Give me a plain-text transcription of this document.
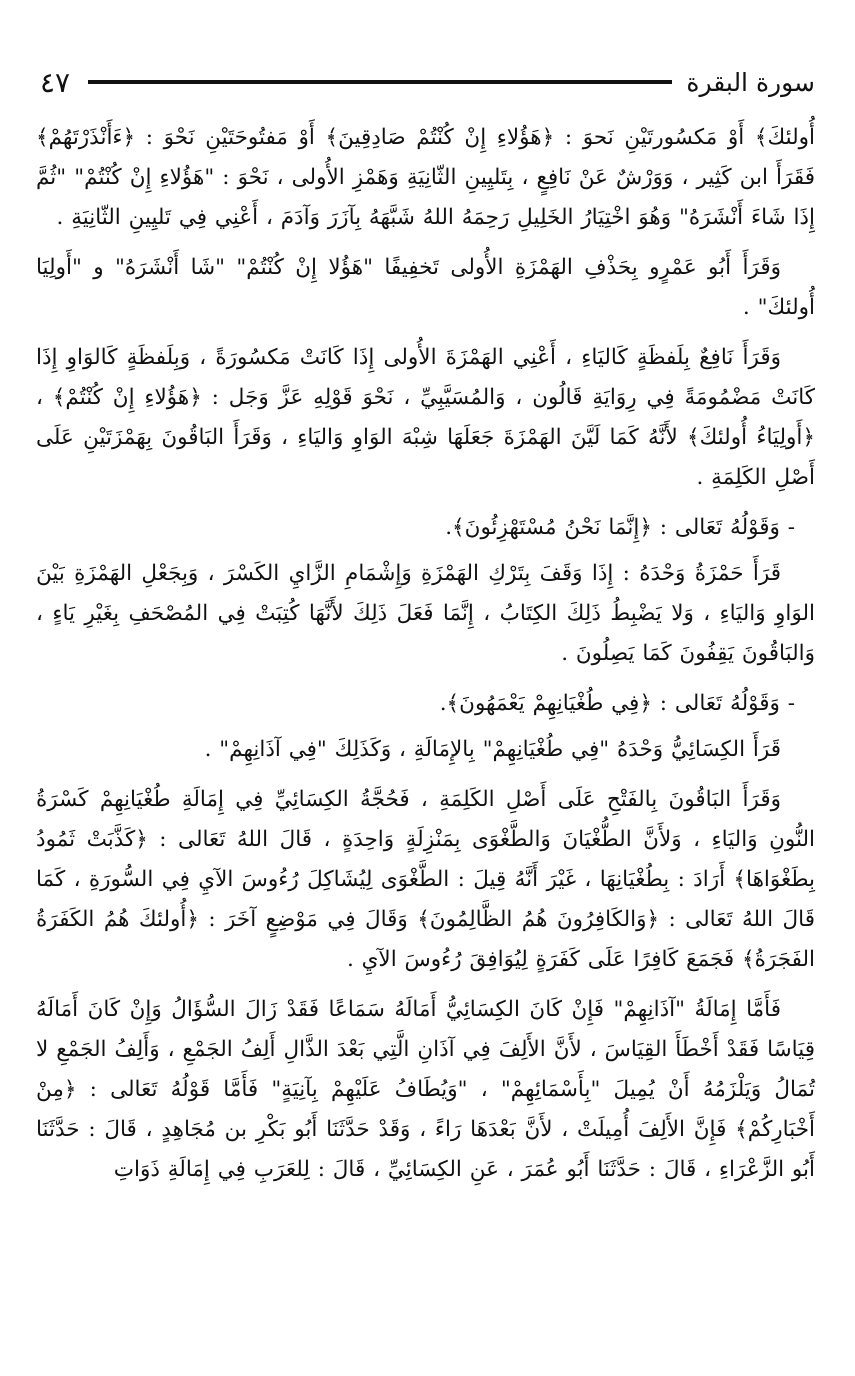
سورة البقرة
٤٧

أُولئكَ﴾ أَوْ مَكسُورتَيْنِ نَحوَ : ﴿هَؤُلاءِ إِنْ كُنْتُمْ صَادِقِينَ﴾ أَوْ مَفتُوحَتَيْنِ نَحْوَ : ﴿ءَأَنْذَرْتَهُمْ﴾ فَقَرَأَ ابن كَثِير ، وَوَرْشٌ عَنْ نَافِعٍ ، بِتَليِينِ الثّانِيَةِ وَهَمْزِ الأُولى ، نَحْوَ : "هَؤُلاءِ إِنْ كُنْتُمْ" "ثُمَّ إِذَا شَاءَ أَنْشَرَهُ" وَهُوَ اخْتِيَارُ الخَلِيلِ رَحِمَهُ اللهُ شَبَّهَهُ بِآزَرَ وَآدَمَ ، أَعْنِي فِي تَليِينِ الثّانِيَةِ .

وَقَرَأَ أَبُو عَمْرٍو بِحَذْفِ الهَمْزَةِ الأُولى تَخفِيفًا "هَؤُلا إِنْ كُنْتُمْ" "شَا أَنْشَرَهُ" و "أَولِيَا أُولئكَ" .

وَقَرَأَ نَافِعٌ بِلَفظَةٍ كَاليَاءِ ، أَعْنِي الهَمْزَةَ الأُولى إِذَا كَانَتْ مَكسُورَةً ، وَبِلَفظَةٍ كَالوَاوِ إِذَا كَانَتْ مَضْمُومَةً فِي رِوَايَةِ قَالُون ، وَالمُسَيَّبِيِّ ، نَحْوَ قَوْلِهِ عَزَّ وَجَل : ﴿هَؤُلاءِ إِنْ كُنْتُمْ﴾ ، ﴿أَولِيَاءُ أُولئكَ﴾ لأَنَّهُ كَمَا لَيَّنَ الهَمْزَةَ جَعَلَهَا شِبْهَ الوَاوِ وَاليَاءِ ، وَقَرَأَ البَاقُونَ بِهَمْزَتَيْنِ عَلَى أَصْلِ الكَلِمَةِ .

- وَقَوْلُهُ تَعَالى : ﴿إِنَّمَا نَحْنُ مُسْتَهْزِئُونَ﴾.

قَرَأَ حَمْزَةُ وَحْدَهُ : إِذَا وَقَفَ بِتَرْكِ الهَمْزَةِ وَإِشْمَامِ الزَّايِ الكَسْرَ ، وَبِجَعْلِ الهَمْزَةِ بَيْنَ الوَاوِ وَاليَاءِ ، وَلا يَضْبِطُ ذَلِكَ الكِتَابُ ، إِنَّمَا فَعَلَ ذَلِكَ لأَنَّهَا كُتِبَتْ فِي المُصْحَفِ بِغَيْرِ يَاءٍ ، وَالبَاقُونَ يَقِفُونَ كَمَا يَصِلُونَ .

- وَقَوْلُهُ تَعَالى : ﴿فِي طُغْيَانِهِمْ يَعْمَهُونَ﴾.

قَرَأَ الكِسَائِيُّ وَحْدَهُ "فِي طُغْيَانِهِمْ" بِالإِمَالَةِ ، وَكَذَلِكَ "فِي آذَانِهِمْ" .

وَقَرَأَ البَاقُونَ بِالفَتْحِ عَلَى أَصْلِ الكَلِمَةِ ، فَحُجَّةُ الكِسَائِيِّ فِي إِمَالَةِ طُغْيَانِهِمْ كَسْرَةُ النُّونِ وَاليَاءِ ، وَلأَنَّ الطُّغْيَانَ وَالطَّغْوَى بِمَنْزِلَةٍ وَاحِدَةٍ ، قَالَ اللهُ تَعَالى : ﴿كَذَّبَتْ ثَمُودُ بِطَغْوَاهَا﴾ أَرَادَ : بِطُغْيَانِهَا ، غَيْرَ أَنَّهُ قِيلَ : الطَّغْوَى لِيُشَاكِلَ رُءُوسَ الآيِ فِي السُّورَةِ ، كَمَا قَالَ اللهُ تَعَالى : ﴿وَالكَافِرُونَ هُمُ الظَّالِمُونَ﴾ وَقَالَ فِي مَوْضِعٍ آخَرَ : ﴿أُولئكَ هُمُ الكَفَرَةُ الفَجَرَةُ﴾ فَجَمَعَ كَافِرًا عَلَى كَفَرَةٍ لِيُوَافِقَ رُءُوسَ الآيِ .

فَأَمَّا إِمَالَةُ "آذَانِهِمْ" فَإِنْ كَانَ الكِسَائِيُّ أَمَالَهُ سَمَاعًا فَقَدْ زَالَ السُّؤَالُ وَإِنْ كَانَ أَمَالَهُ قِيَاسًا فَقَدْ أَخْطَأَ القِيَاسَ ، لأَنَّ الأَلِفَ فِي آذَانِ الَّتِي بَعْدَ الذَّالِ أَلِفُ الجَمْعِ ، وَأَلِفُ الجَمْعِ لا تُمَالُ وَيَلْزَمُهُ أَنْ يُمِيلَ "بِأَسْمَائِهِمْ" ، "وَيُطَافُ عَلَيْهِمْ بِآنِيَةٍ" فَأَمَّا قَوْلُهُ تَعَالى : ﴿مِنْ أَخْبَارِكُمْ﴾ فَإِنَّ الأَلِفَ أُمِيلَتْ ، لأَنَّ بَعْدَهَا رَاءً ، وَقَدْ حَدَّثَنَا أَبُو بَكْرِ بن مُجَاهِدٍ ، قَالَ : حَدَّثَنَا أَبُو الزَّعْرَاءِ ، قَالَ : حَدَّثَنَا أَبُو عُمَرَ ، عَنِ الكِسَائِيِّ ، قَالَ : لِلعَرَبِ فِي إِمَالَةِ ذَوَاتِ
